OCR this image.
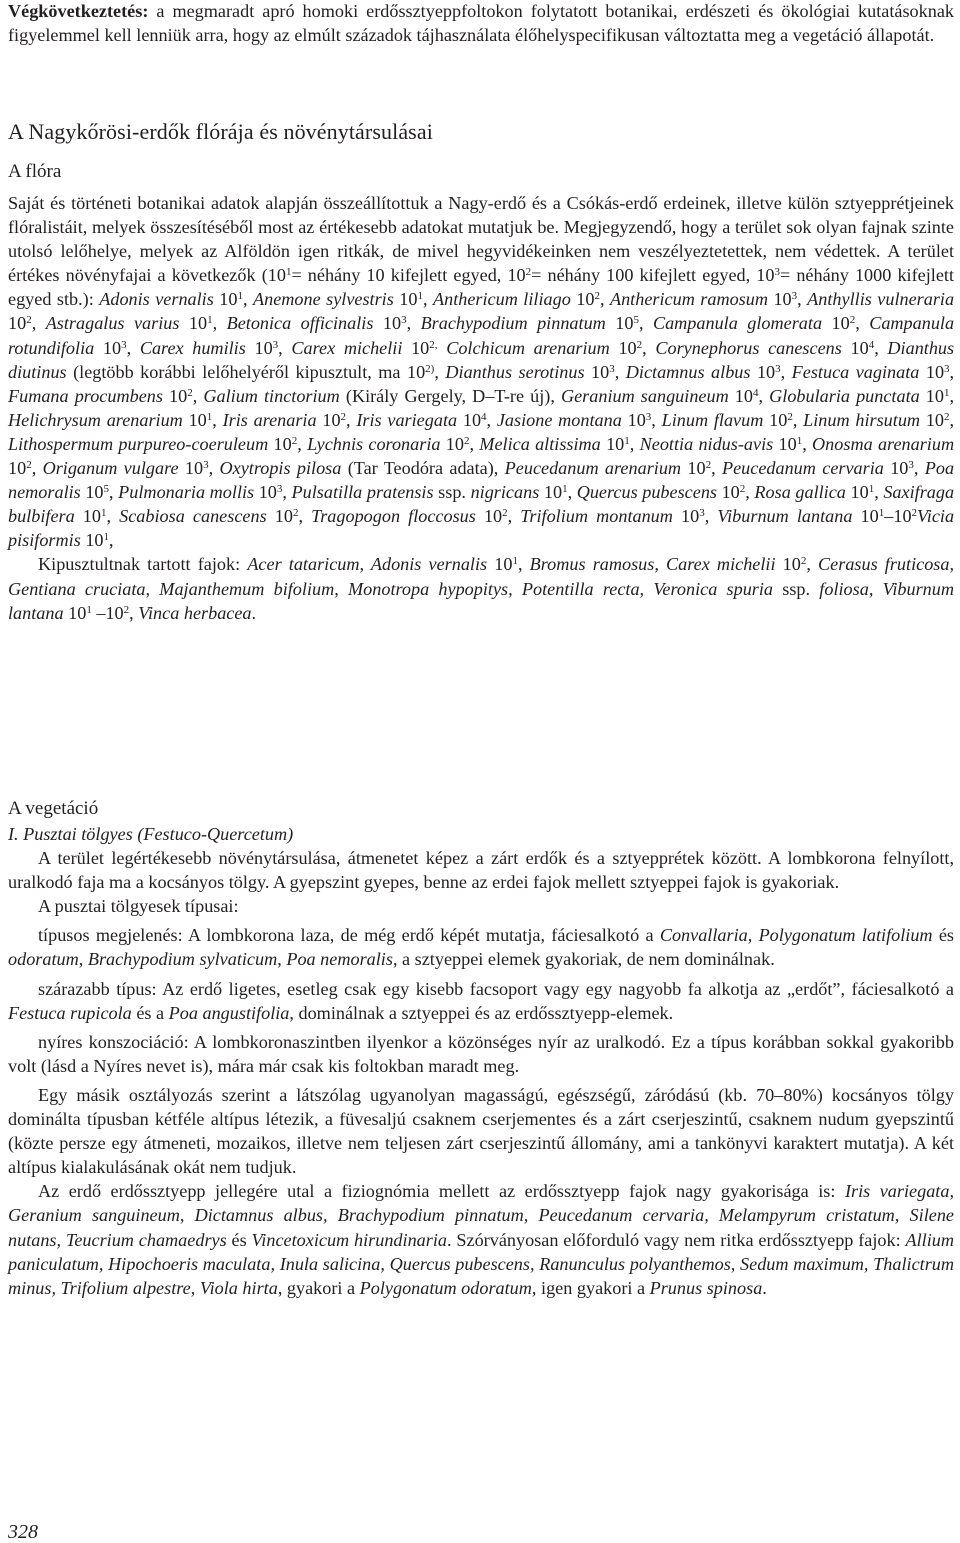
Végkövetkeztetés: a megmaradt apró homoki erdőssztyeppfoltokon folytatott botanikai, erdészeti és ökológiai kutatásoknak figyelemmel kell lenniük arra, hogy az elmúlt századok tájhasználata élőhelyspecifikusan változtatta meg a vegetáció állapotát.

A Nagykőrösi-erdők flórája és növénytársulásai
A flóra

Saját és történeti botanikai adatok alapján összeállítottuk a Nagy-erdő és a Csókás-erdő erdeinek, illetve külön sztyepprétjeinek flóralistáit, melyek összesítéséből most az értékesebb adatokat mutatjuk be. Megjegyzendő, hogy a terület sok olyan fajnak szinte utolsó lelőhelye, melyek az Alföldön igen ritkák, de mivel hegyvidékeinken nem veszélyeztetettek, nem védettek. A terület értékes növényfajai a következők ($10^1=$ néhány 10 kifejlett egyed, $10^2=$ néhány 100 kifejlett egyed, $10^3=$ néhány 1000 kifejlett egyed stb.): Adonis vernalis $10^1$, Anemone sylvestris $10^1$, Anthericum liliago $10^2$, Anthericum ramosum $10^3$, Anthyllis vulneraria $10^2$, Astragalus varius $10^1$, Betonica officinalis $10^3$, Brachypodium pinnatum $10^5$, Campanula glomerata $10^2$, Campanula rotundifolia $10^3$, Carex humilis $10^3$, Carex michelii $10^{2,}$ Colchicum arenarium $10^2$, Corynephorus canescens $10^4$, Dianthus diutinus (legtöbb korábbi lelőhelyéről kipusztult, ma 10$^{2)}$, Dianthus serotinus $10^3$, Dictamnus albus $10^3$, Festuca vaginata $10^3$, Fumana procumbens $10^2$, Galium tinctorium (Király Gergely, D–T-re új), Geranium sanguineum $10^4$, Globularia punctata $10^1$, Helichrysum arenarium $10^1$, Iris arenaria $10^2$, Iris variegata $10^4$, Jasione montana $10^3$, Linum flavum $10^2$, Linum hirsutum $10^2$, Lithospermum purpureo-coeruleum $10^2$, Lychnis coronaria $10^2$, Melica altissima $10^1$, Neottia nidus-avis $10^1$, Onosma arenarium $10^2$, Origanum vulgare $10^3$, Oxytropis pilosa (Tar Teodóra adata), Peucedanum arenarium $10^2$, Peucedanum cervaria $10^3$, Poa nemoralis $10^5$, Pulmonaria mollis $10^3$, Pulsatilla pratensis ssp. nigricans $10^1$, Quercus pubescens $10^2$, Rosa gallica $10^1$, Saxifraga bulbifera $10^1$, Scabiosa canescens $10^2$, Tragopogon floccosus $10^2$, Trifolium montanum $10^3$, Viburnum lantana $10^1-10^2Vicia$ pisiformis $10^1$,

Kipusztultnak tartott fajok: Acer tataricum, Adonis vernalis $10^1$, Bromus ramosus, Carex michelii $10^2$, Cerasus fruticosa, Gentiana cruciata, Majanthemum bifolium, Monotropa hypopitys, Potentilla recta, Veronica spuria ssp. foliosa, Viburnum lantana $10^1$ $-10^2$, Vinca herbacea.

A vegetáció

I. Pusztai tölgyes (Festuco-Quercetum)

A terület legértékesebb növénytársulása, átmenetet képez a zárt erdők és a sztyepprétek között. A lombkorona felnyílott, uralkodó faja ma a kocsányos tölgy. A gyepszint gyepes, benne az erdei fajok mellett sztyeppei fajok is gyakoriak.

A pusztai tölgyesek típusai:

típusos megjelenés: A lombkorona laza, de még erdő képét mutatja, fáciesalkotó a Convallaria, Polygonatum latifolium és odoratum, Brachypodium sylvaticum, Poa nemoralis, a sztyeppei elemek gyakoriak, de nem dominálnak.

szárazabb típus: Az erdő ligetes, esetleg csak egy kisebb facsoport vagy egy nagyobb fa alkotja az „erdőt”, fáciesalkotó a Festuca rupicola és a Poa angustifolia, dominálnak a sztyeppei és az erdőssztyepp-elemek.

nyíres konszociáció: A lombkoronaszintben ilyenkor a közönséges nyír az uralkodó. Ez a típus korábban sokkal gyakoribb volt (lásd a Nyíres nevet is), mára már csak kis foltokban maradt meg.

Egy másik osztályozás szerint a látszólag ugyanolyan magasságú, egészségű, záródású (kb. 70–80%) kocsányos tölgy dominálta típusban kétféle altípus létezik, a füvesaljú csaknem cserjementes és a zárt cserjeszintű, csaknem nudum gyepszintű (közte persze egy átmeneti, mozaikos, illetve nem teljesen zárt cserjeszintű állomány, ami a tankönyvi karaktert mutatja). A két altípus kialakulásának okát nem tudjuk.

Az erdő erdőssztyepp jellegére utal a fiziognómia mellett az erdőssztyepp fajok nagy gyakorisága is: Iris variegata, Geranium sanguineum, Dictamnus albus, Brachypodium pinnatum, Peucedanum cervaria, Melampyrum cristatum, Silene nutans, Teucrium chamaedrys és Vincetoxicum hirundinaria. Szórványosan előforduló vagy nem ritka erdőssztyepp fajok: Allium paniculatum, Hipochoeris maculata, Inula salicina, Quercus pubescens, Ranunculus polyanthemos, Sedum maximum, Thalictrum minus, Trifolium alpestre, Viola hirta, gyakori a Polygonatum odoratum, igen gyakori a Prunus spinosa.

328
